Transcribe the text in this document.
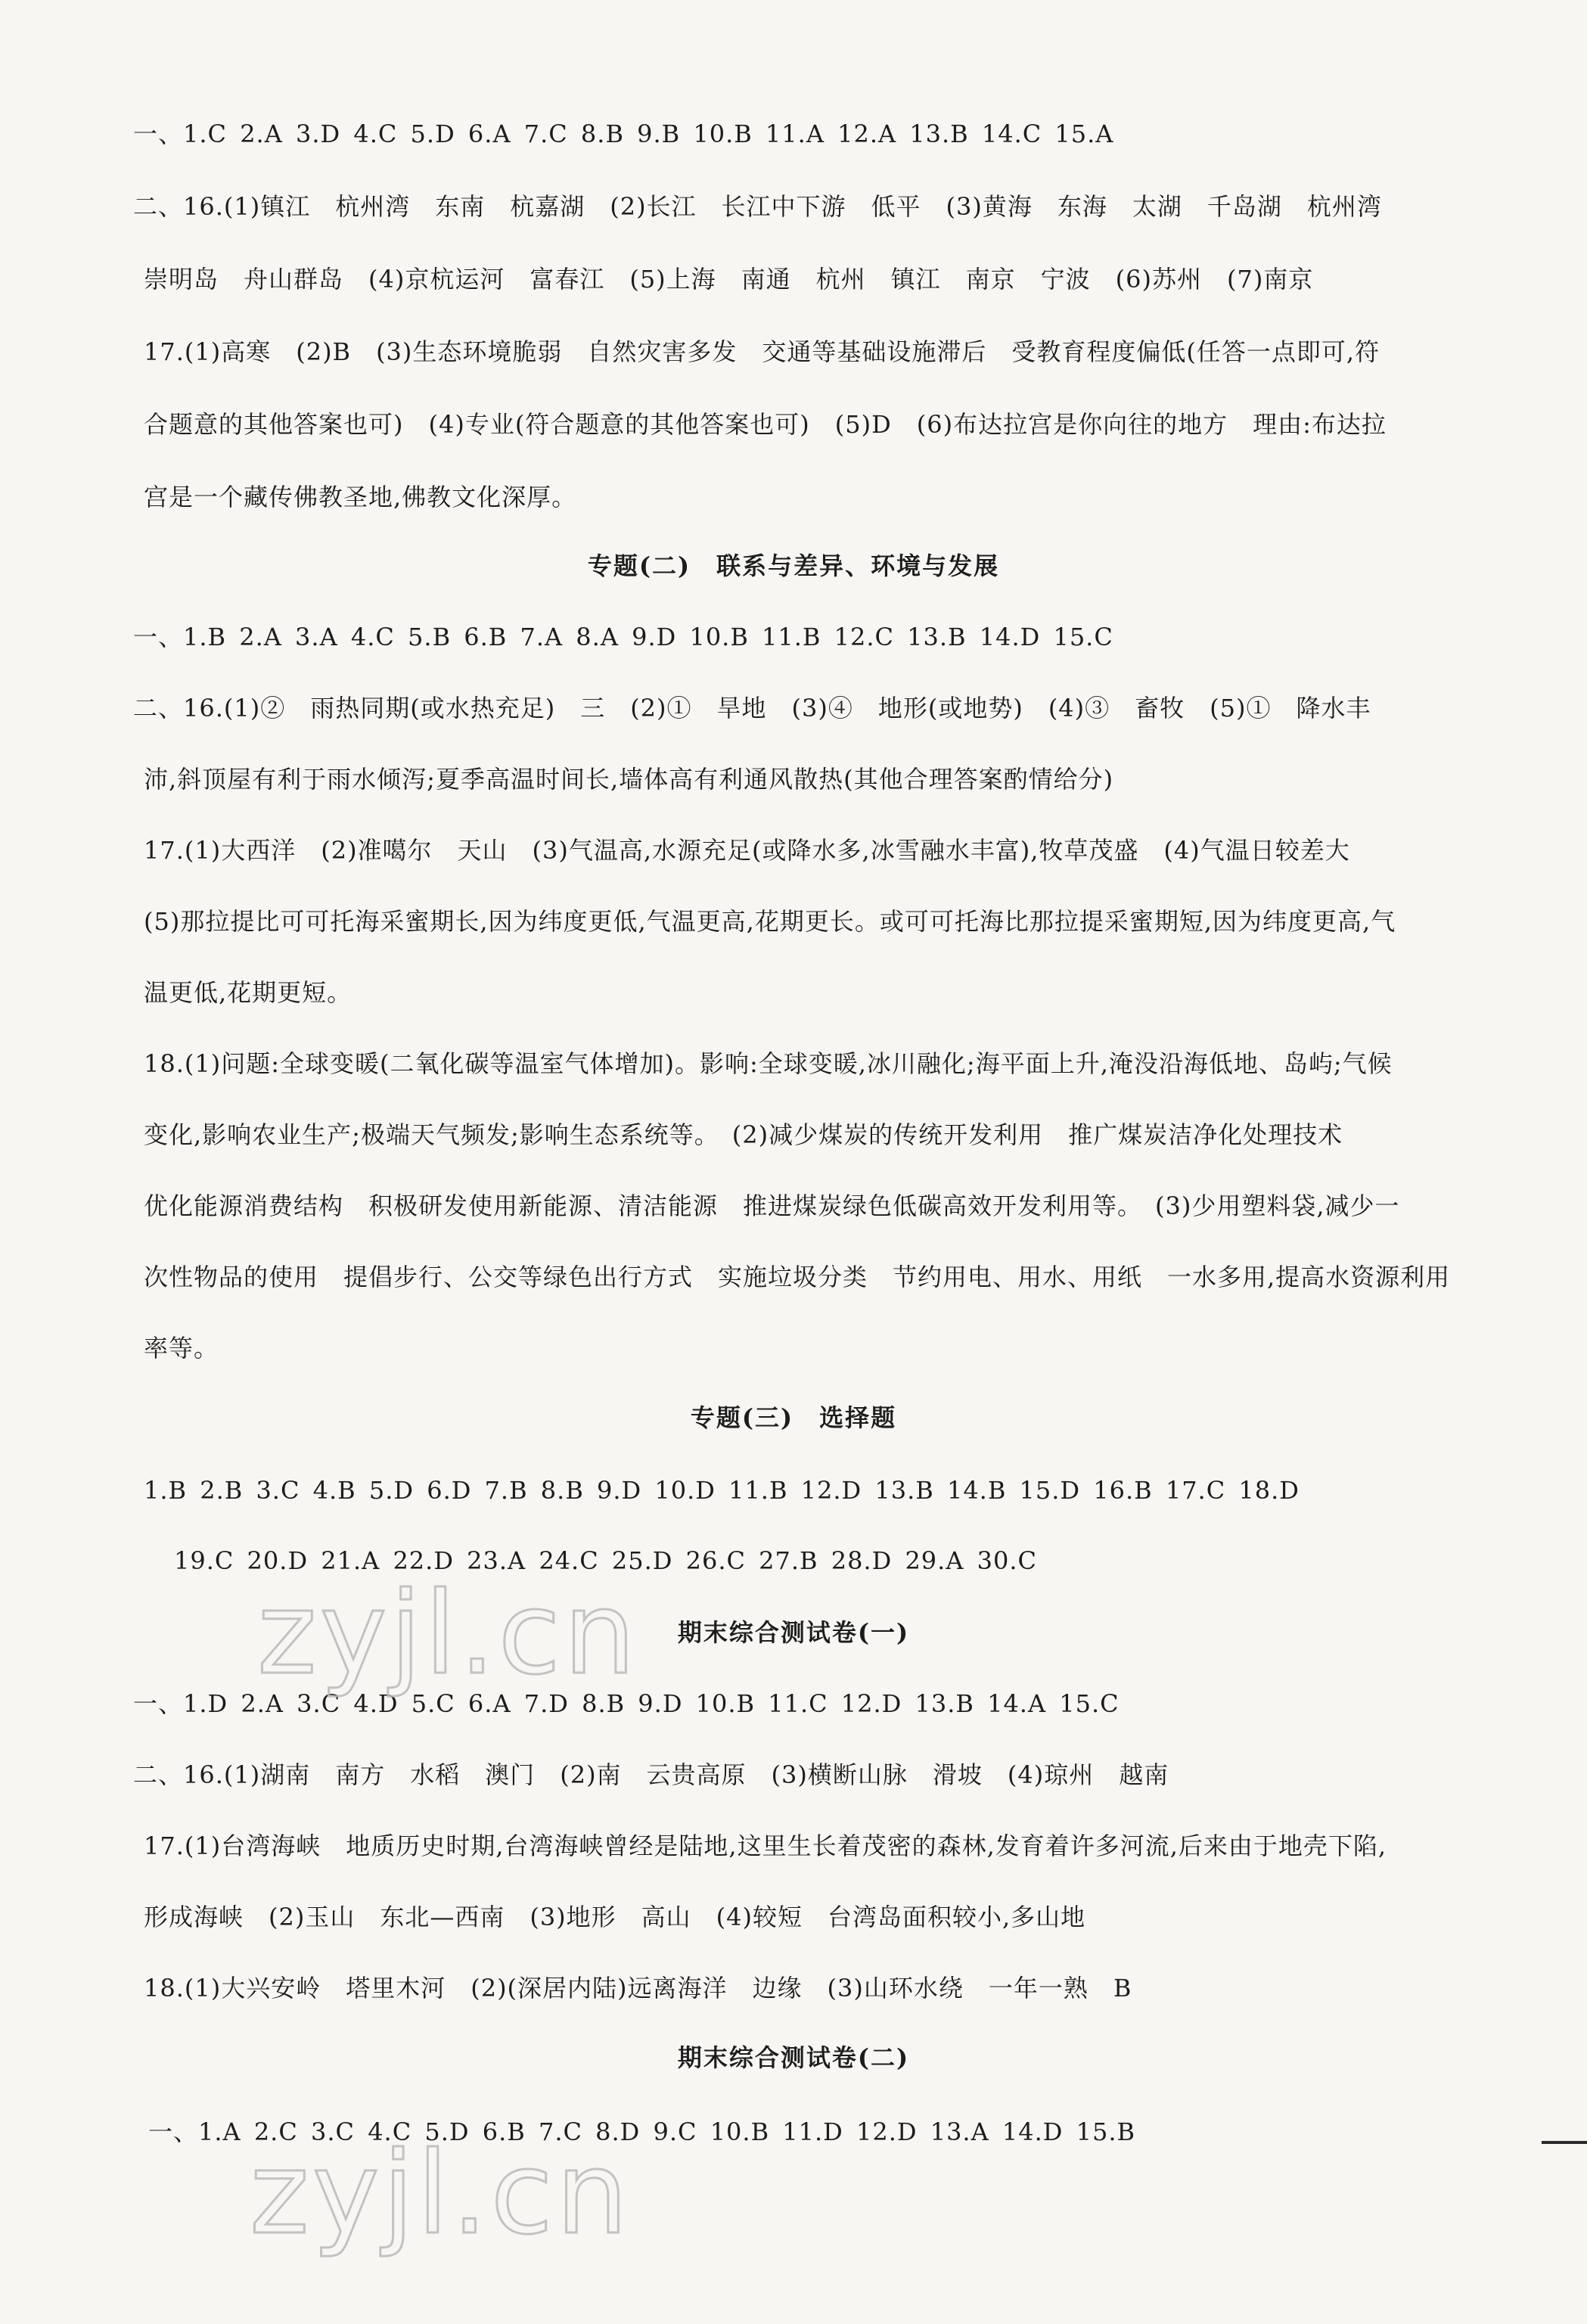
一、1.C 2.A 3.D 4.C 5.D 6.A 7.C 8.B 9.B 10.B 11.A 12.A 13.B 14.C 15.A
二、16.(1)镇江　杭州湾　东南　杭嘉湖　(2)长江　长江中下游　低平　(3)黄海　东海　太湖　千岛湖　杭州湾
崇明岛　舟山群岛　(4)京杭运河　富春江　(5)上海　南通　杭州　镇江　南京　宁波　(6)苏州　(7)南京
17.(1)高寒　(2)B　(3)生态环境脆弱　自然灾害多发　交通等基础设施滞后　受教育程度偏低(任答一点即可,符
合题意的其他答案也可)　(4)专业(符合题意的其他答案也可)　(5)D　(6)布达拉宫是你向往的地方　理由:布达拉
宫是一个藏传佛教圣地,佛教文化深厚。
专题(二)　联系与差异、环境与发展
一、1.B 2.A 3.A 4.C 5.B 6.B 7.A 8.A 9.D 10.B 11.B 12.C 13.B 14.D 15.C
二、16.(1)②　雨热同期(或水热充足)　三　(2)①　旱地　(3)④　地形(或地势)　(4)③　畜牧　(5)①　降水丰
沛,斜顶屋有利于雨水倾泻;夏季高温时间长,墙体高有利通风散热(其他合理答案酌情给分)
17.(1)大西洋　(2)准噶尔　天山　(3)气温高,水源充足(或降水多,冰雪融水丰富),牧草茂盛　(4)气温日较差大
(5)那拉提比可可托海采蜜期长,因为纬度更低,气温更高,花期更长。或可可托海比那拉提采蜜期短,因为纬度更高,气
温更低,花期更短。
18.(1)问题:全球变暖(二氧化碳等温室气体增加)。影响:全球变暖,冰川融化;海平面上升,淹没沿海低地、岛屿;气候
变化,影响农业生产;极端天气频发;影响生态系统等。　(2)减少煤炭的传统开发利用　推广煤炭洁净化处理技术
优化能源消费结构　积极研发使用新能源、清洁能源　推进煤炭绿色低碳高效开发利用等。　(3)少用塑料袋,减少一
次性物品的使用　提倡步行、公交等绿色出行方式　实施垃圾分类　节约用电、用水、用纸　一水多用,提高水资源利用
率等。
专题(三)　选择题
1.B 2.B 3.C 4.B 5.D 6.D 7.B 8.B 9.D 10.D 11.B 12.D 13.B 14.B 15.D 16.B 17.C 18.D
19.C 20.D 21.A 22.D 23.A 24.C 25.D 26.C 27.B 28.D 29.A 30.C
期末综合测试卷(一)
一、1.D 2.A 3.C 4.D 5.C 6.A 7.D 8.B 9.D 10.B 11.C 12.D 13.B 14.A 15.C
二、16.(1)湖南　南方　水稻　澳门　(2)南　云贵高原　(3)横断山脉　滑坡　(4)琼州　越南
17.(1)台湾海峡　地质历史时期,台湾海峡曾经是陆地,这里生长着茂密的森林,发育着许多河流,后来由于地壳下陷,
形成海峡　(2)玉山　东北—西南　(3)地形　高山　(4)较短　台湾岛面积较小,多山地
18.(1)大兴安岭　塔里木河　(2)(深居内陆)远离海洋　边缘　(3)山环水绕　一年一熟　B
期末综合测试卷(二)
一、1.A 2.C 3.C 4.C 5.D 6.B 7.C 8.D 9.C 10.B 11.D 12.D 13.A 14.D 15.B
zyjl.cn
zyjl.cn
